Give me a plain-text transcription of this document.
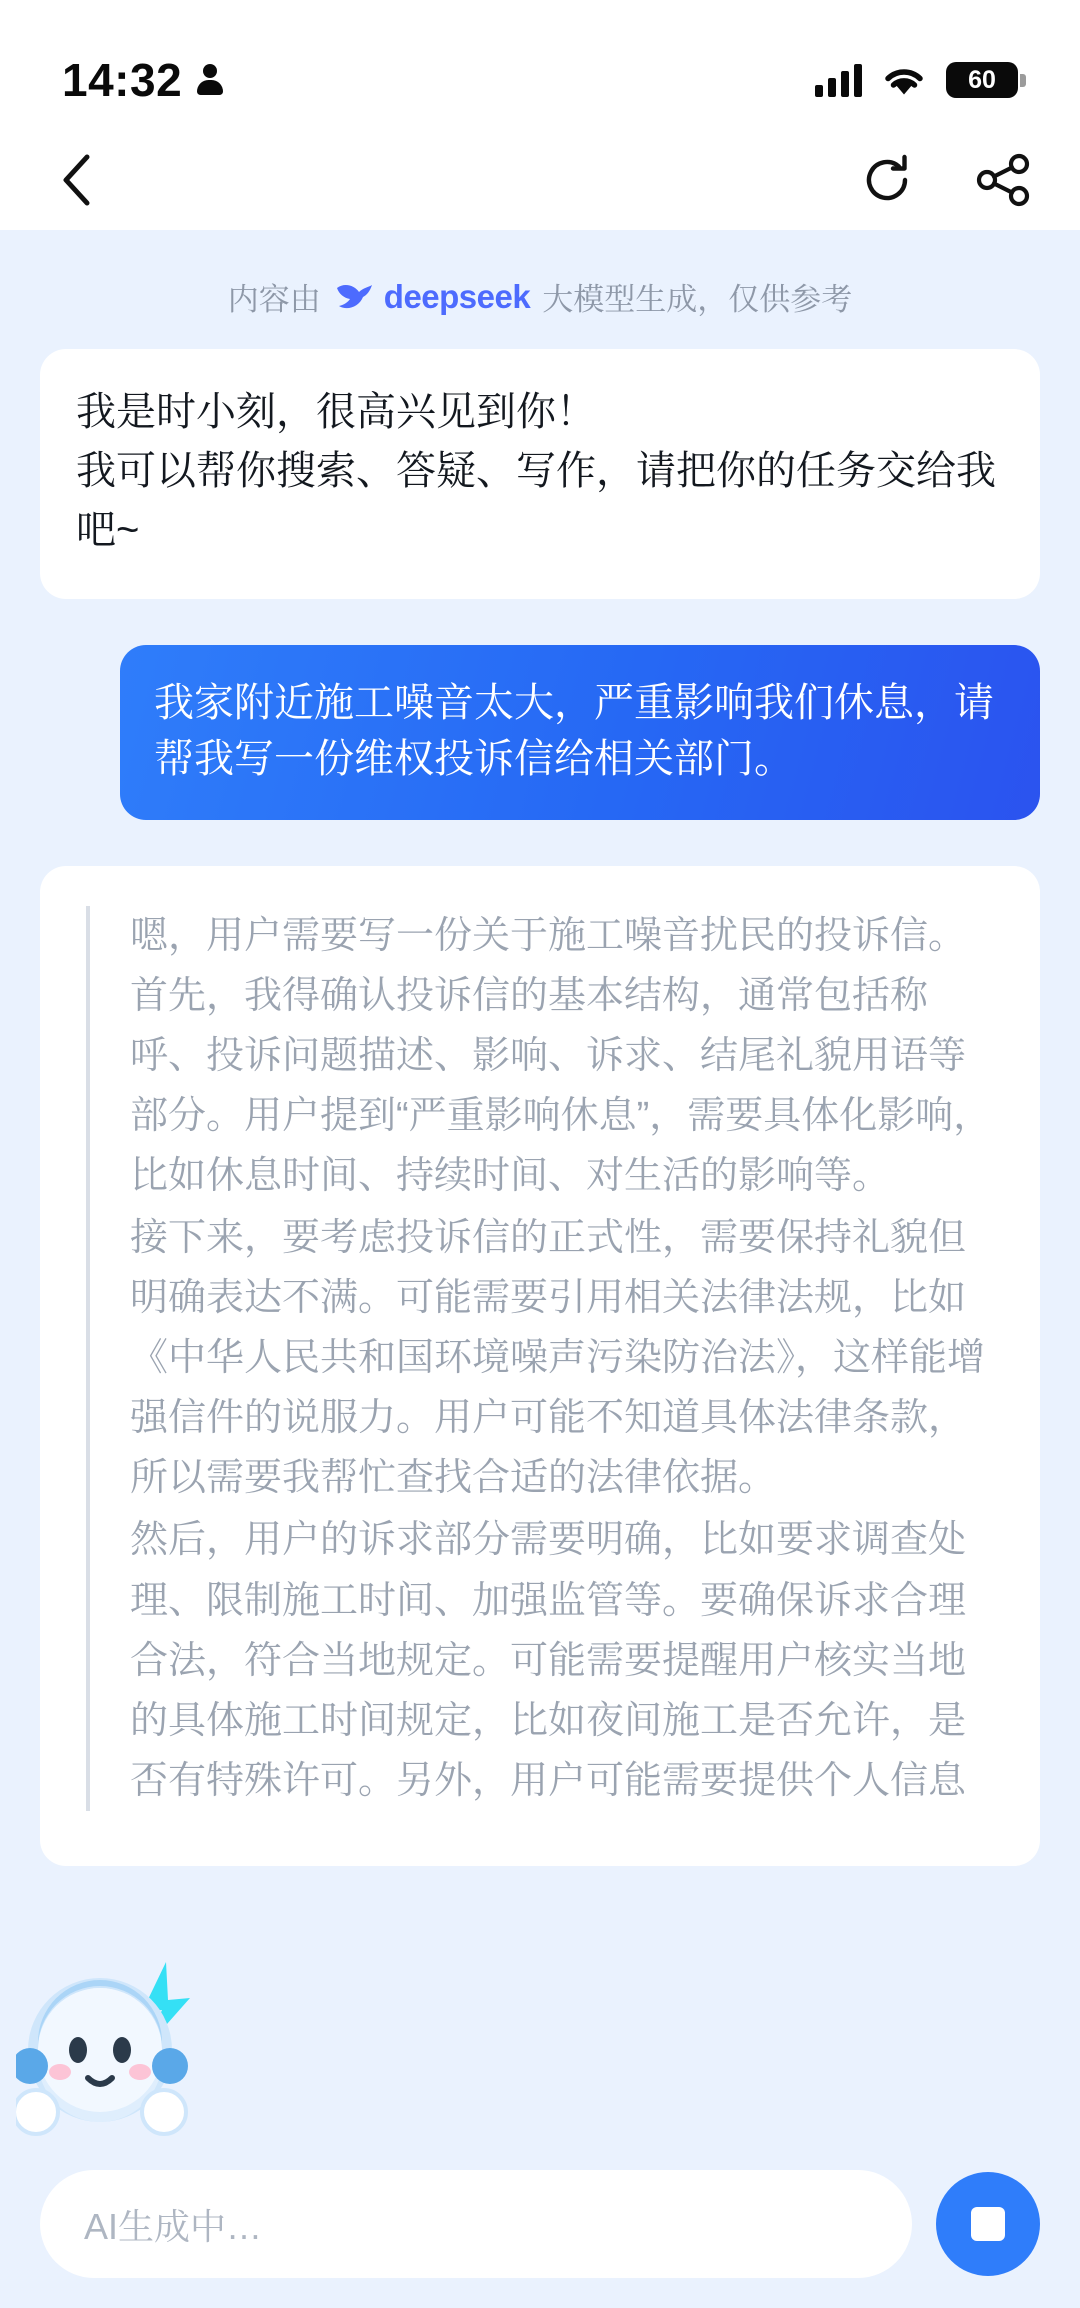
14:32	60
内容由 deepseek 大模型生成，仅供参考
我是时小刻，很高兴见到你！
我可以帮你搜索、答疑、写作，请把你的任务交给我吧~
我家附近施工噪音太大，严重影响我们休息，请帮我写一份维权投诉信给相关部门。

嗯，用户需要写一份关于施工噪音扰民的投诉信。首先，我得确认投诉信的基本结构，通常包括称呼、投诉问题描述、影响、诉求、结尾礼貌用语等部分。用户提到“严重影响休息”，需要具体化影响，比如休息时间、持续时间、对生活的影响等。

接下来，要考虑投诉信的正式性，需要保持礼貌但明确表达不满。可能需要引用相关法律法规，比如《中华人民共和国环境噪声污染防治法》，这样能增强信件的说服力。用户可能不知道具体法律条款，所以需要我帮忙查找合适的法律依据。

然后，用户的诉求部分需要明确，比如要求调查处理、限制施工时间、加强监管等。要确保诉求合理合法，符合当地规定。可能需要提醒用户核实当地的具体施工时间规定，比如夜间施工是否允许，是否有特殊许可。另外，用户可能需要提供个人信息

AI生成中…
